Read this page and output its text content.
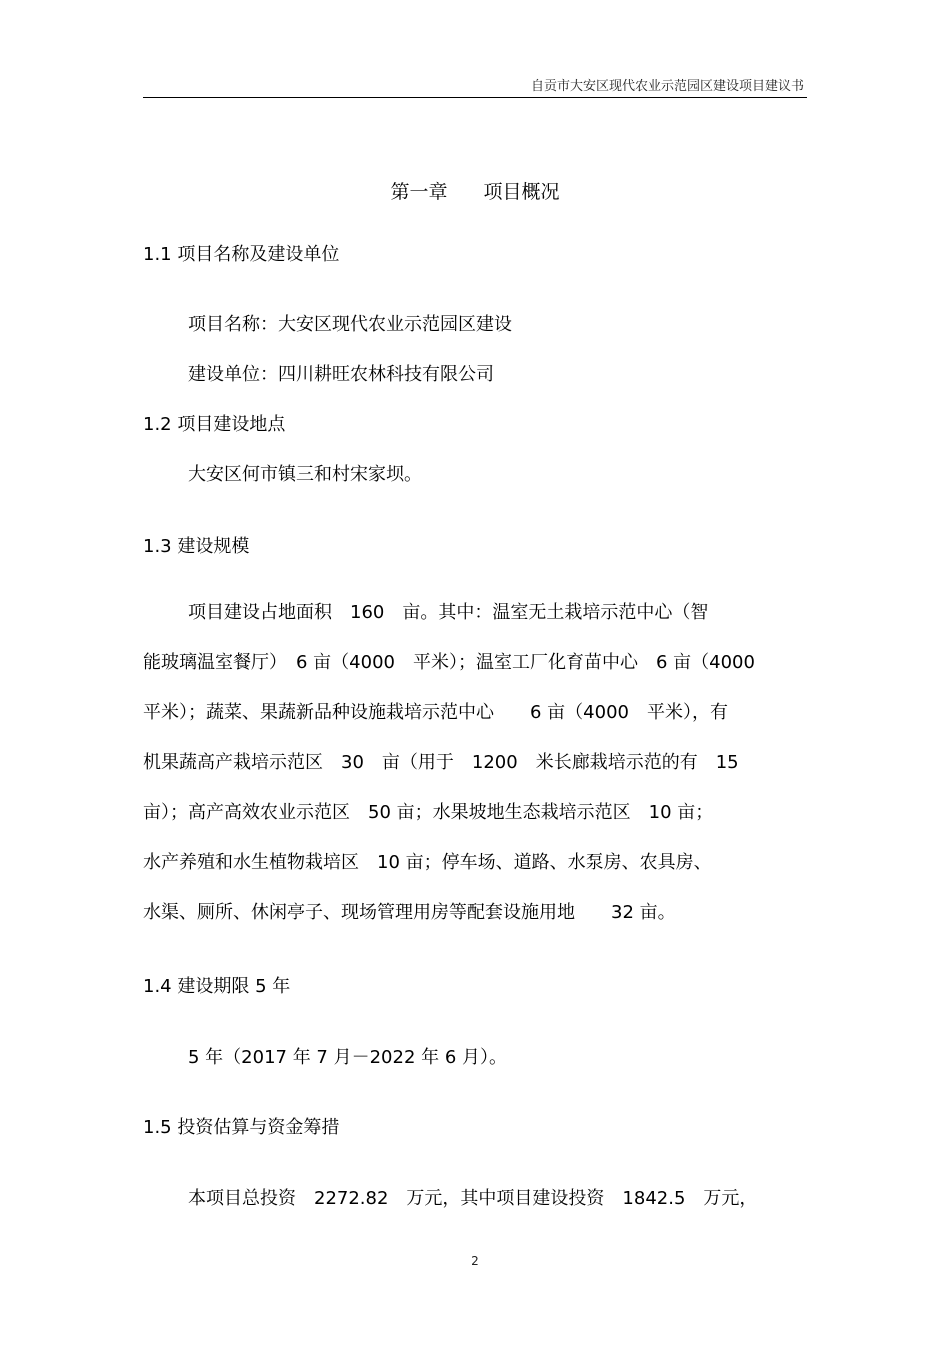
自贡市大安区现代农业示范园区建设项目建议书
第一章 项目概况
1.1 项目名称及建设单位
项目名称：大安区现代农业示范园区建设
建设单位：四川耕旺农林科技有限公司
1.2 项目建设地点
大安区何市镇三和村宋家坝。
1.3 建设规模
项目建设占地面积　160　亩。其中：温室无土栽培示范中心（智
能玻璃温室餐厅）　6 亩（4000　平米）；温室工厂化育苗中心　6 亩（4000
平米）；蔬菜、果蔬新品种设施栽培示范中心　　6 亩（4000　平米），有
机果蔬高产栽培示范区　30　亩（用于　1200　米长廊栽培示范的有　15
亩）；高产高效农业示范区　50 亩；水果坡地生态栽培示范区　10 亩；
水产养殖和水生植物栽培区　10 亩；停车场、道路、水泵房、农具房、
水渠、厕所、休闲亭子、现场管理用房等配套设施用地　　32 亩。
1.4 建设期限 5 年
5 年（2017 年 7 月－2022 年 6 月）。
1.5 投资估算与资金筹措
本项目总投资　2272.82　万元，其中项目建设投资　1842.5　万元，
2
